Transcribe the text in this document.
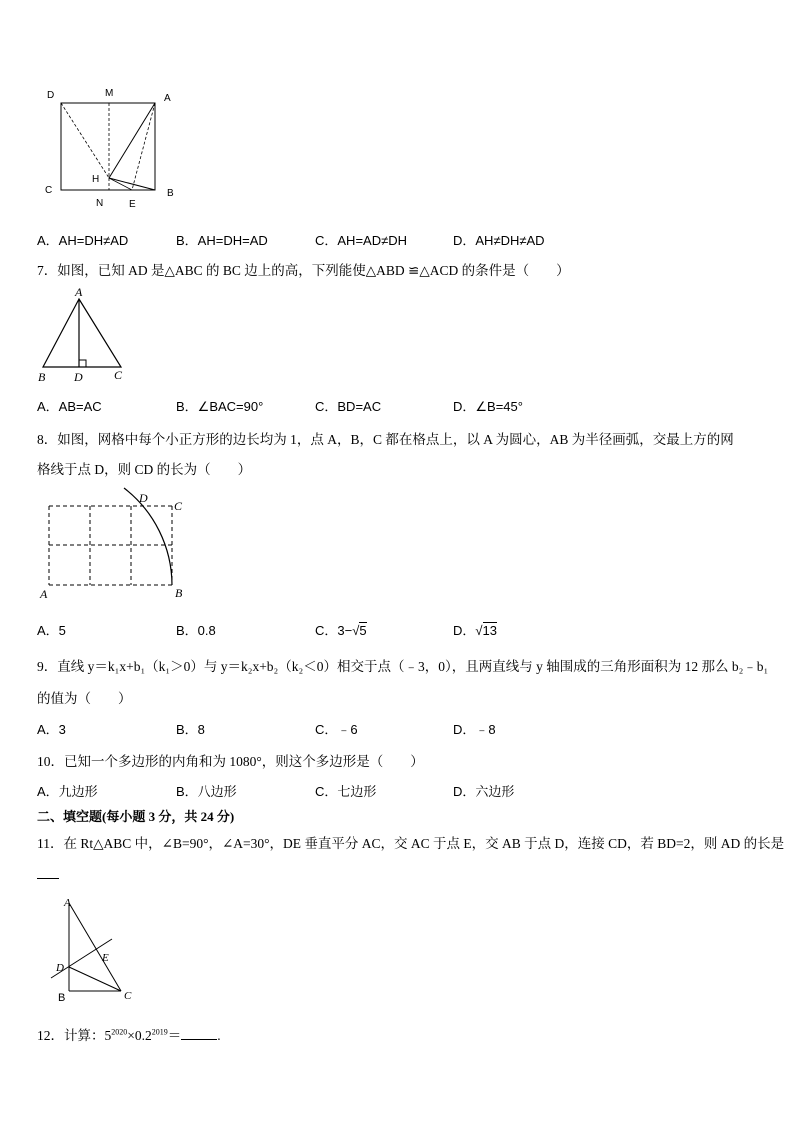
D	M	A
C
H
N	E
B
A．AH=DH≠AD	B．AH=DH=AD	C．AH=AD≠DH	D．AH≠DH≠AD
7．如图，已知 AD 是△ABC 的 BC 边上的高，下列能使△ABD ≌△ACD 的条件是（　　）
A
B D	C
A．AB=AC	B．∠BAC=90°	C．BD=AC	D．∠B=45°
8．如图，网格中每个小正方形的边长均为 1，点 A，B，C 都在格点上，以 A 为圆心，AB 为半径画弧，交最上方的网
格线于点 D，则 CD 的长为（　　）
D
C
A	B
A．5	B．0.8	C．3−√5	D．√13
9．直线 y＝k₁x+b₁（k₁＞0）与 y＝k₂x+b₂（k₂＜0）相交于点（﹣3，0），且两直线与 y 轴围成的三角形面积为 12 那么 b₂﹣b₁
的值为（　　）
A．3	B．8	C．﹣6	D．﹣8
10．已知一个多边形的内角和为 1080°，则这个多边形是（　　）
A．九边形	B．八边形	C．七边形	D．六边形
二、填空题(每小题 3 分，共 24 分)
11．在 Rt△ABC 中，∠B=90°，∠A=30°，DE 垂直平分 AC，交 AC 于点 E，交 AB 于点 D，连接 CD，若 BD=2，则 AD 的长是
A
D
E
B	C
12．计算：$5^{2020}\times 0.2^{2019}=$	.
